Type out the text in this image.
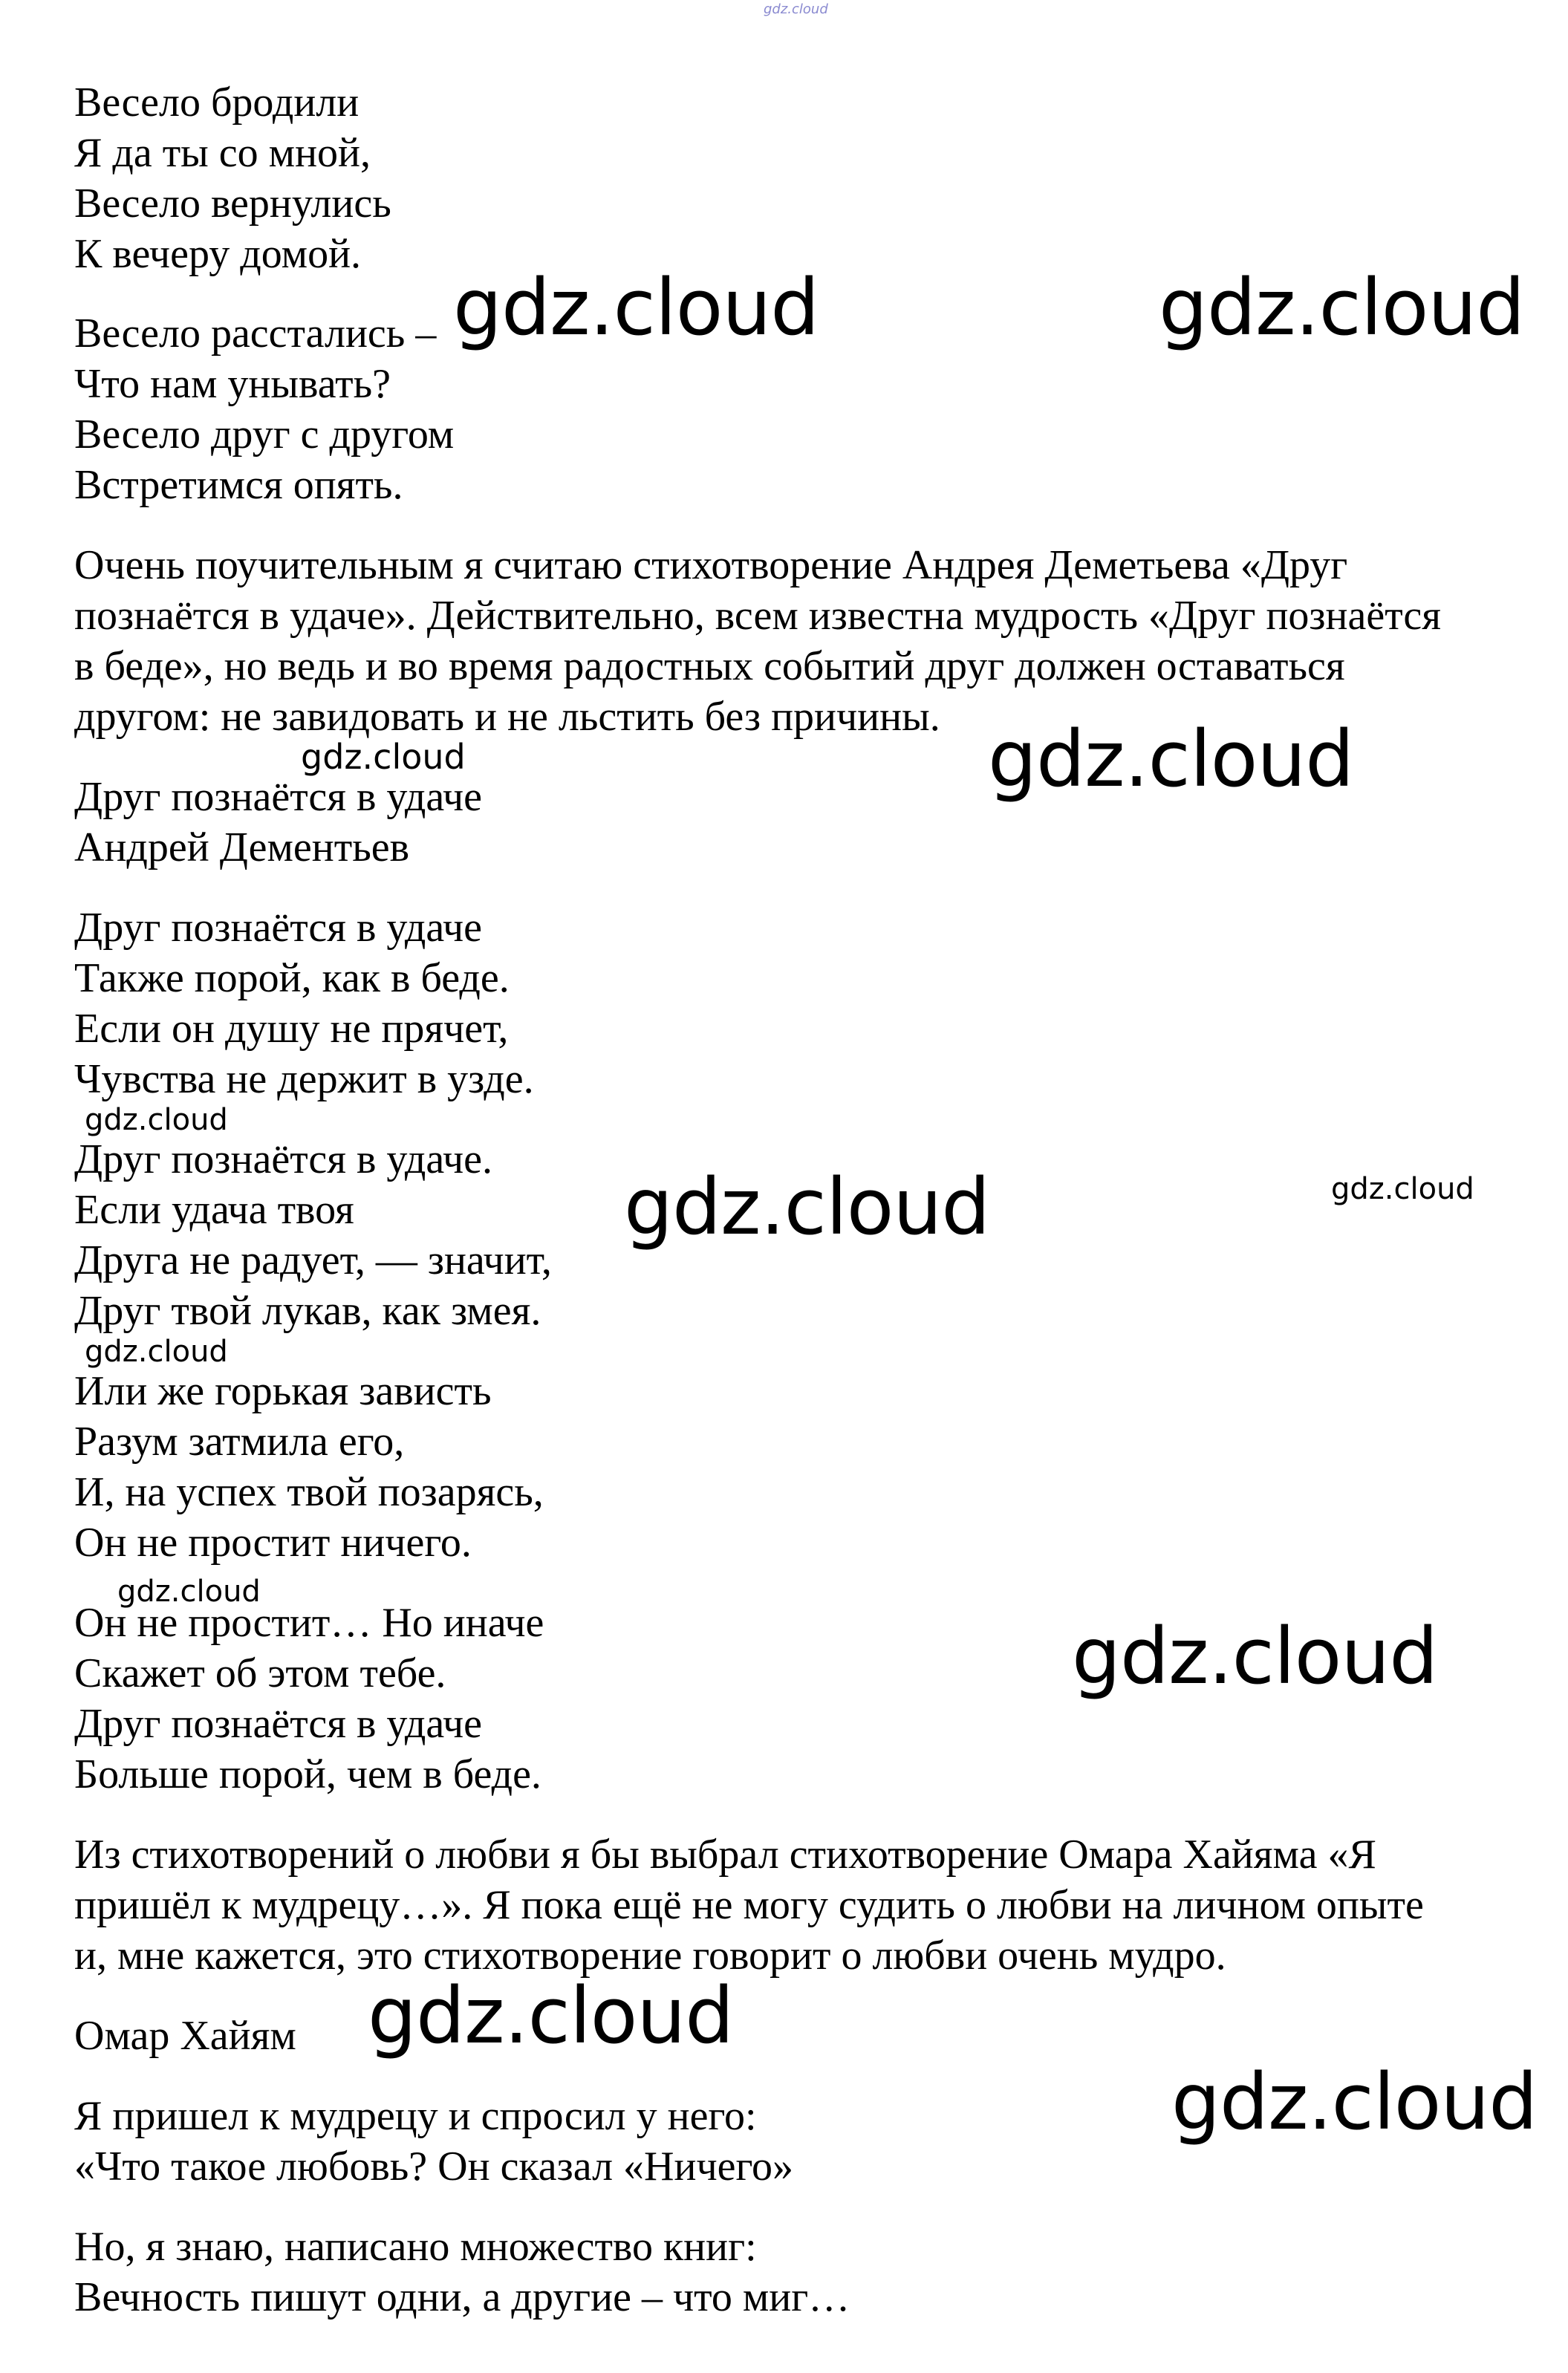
gdz.cloud
Весело бродили
Я да ты со мной,
Весело вернулись
К вечеру домой.
Весело расстались –
Что нам унывать?
Весело друг с другом
Встретимся опять.
Очень поучительным я считаю стихотворение Андрея Деметьева «Друг
познаётся в удаче». Действительно, всем известна мудрость «Друг познаётся
в беде», но ведь и во время радостных событий друг должен оставаться
другом: не завидовать и не льстить без причины.
Друг познаётся в удаче
Андрей Дементьев
Друг познаётся в удаче
Также порой, как в беде.
Если он душу не прячет,
Чувства не держит в узде.
Друг познаётся в удаче.
Если удача твоя
Друга не радует, — значит,
Друг твой лукав, как змея.
Или же горькая зависть
Разум затмила его,
И, на успех твой позарясь,
Он не простит ничего.
Он не простит… Но иначе
Скажет об этом тебе.
Друг познаётся в удаче
Больше порой, чем в беде.
Из стихотворений о любви я бы выбрал стихотворение Омара Хайяма «Я
пришёл к мудрецу…». Я пока ещё не могу судить о любви на личном опыте
и, мне кажется, это стихотворение говорит о любви очень мудро.
Омар Хайям
Я пришел к мудрецу и спросил у него:
«Что такое любовь? Он сказал «Ничего»
Но, я знаю, написано множество книг:
Вечность пишут одни, а другие – что миг…
gdz.cloud	gdz.cloud
gdz.cloud	gdz.cloud
gdz.cloud
gdz.cloud	gdz.cloud
gdz.cloud
gdz.cloud
gdz.cloud
gdz.cloud
gdz.cloud
